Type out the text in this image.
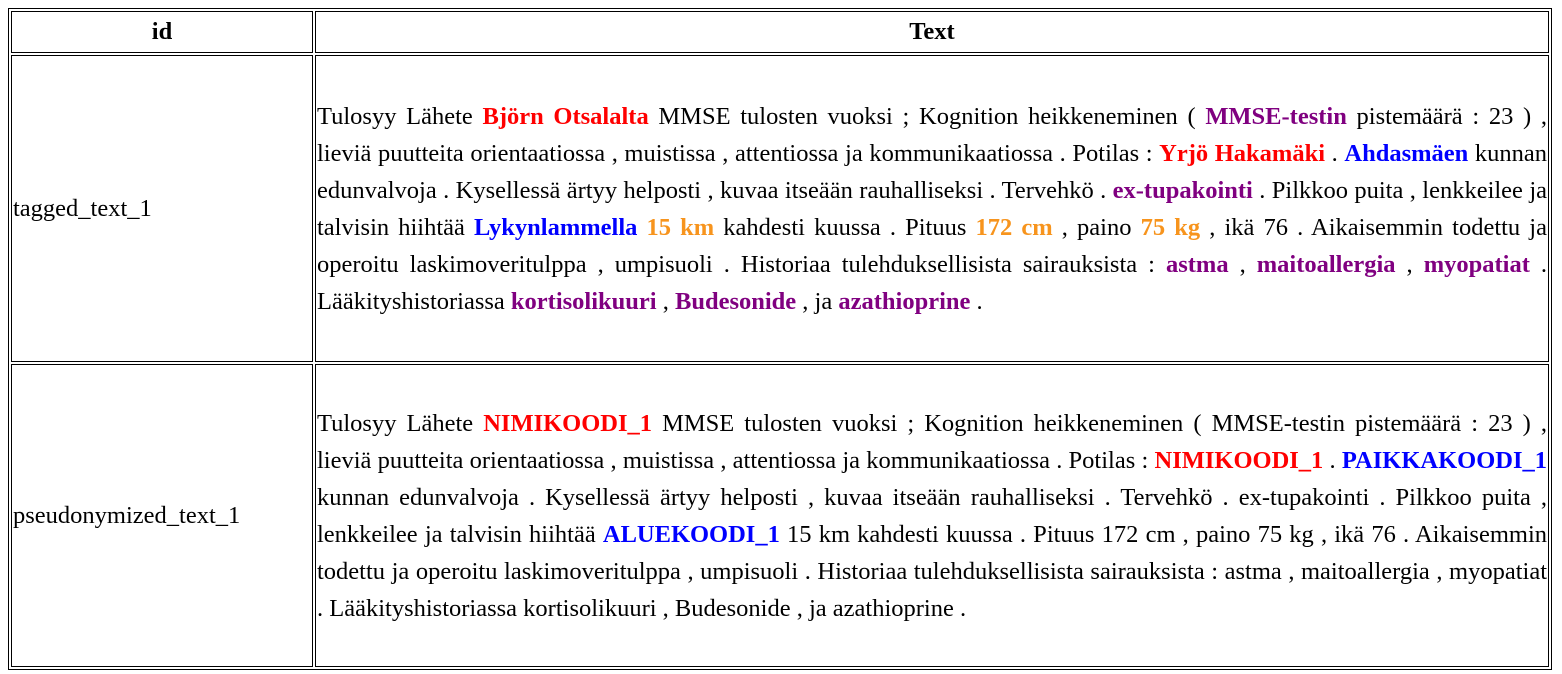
id	Text
tagged_text_1	Tulosyy Lähete Björn Otsalalta MMSE tulosten vuoksi ; Kognition heikkeneminen ( MMSE-testin pistemäärä : 23 ) , lieviä puutteita orientaatiossa , muistissa , attentiossa ja kommunikaatiossa . Potilas : Yrjö Hakamäki . Ahdasmäen kunnan edunvalvoja . Kysellessä ärtyy helposti , kuvaa itseään rauhalliseksi . Tervehkö . ex-tupakointi . Pilkkoo puita , lenkkeilee ja talvisin hiihtää Lykynlammella 15 km kahdesti kuussa . Pituus 172 cm , paino 75 kg , ikä 76 . Aikaisemmin todettu ja operoitu laskimoveritulppa , umpisuoli . Historiaa tulehduksellisista sairauksista : astma , maitoallergia , myopatiat . Lääkityshistoriassa kortisolikuuri , Budesonide , ja azathioprine .
pseudonymized_text_1	Tulosyy Lähete NIMIKOODI_1 MMSE tulosten vuoksi ; Kognition heikkeneminen ( MMSE-testin pistemäärä : 23 ) , lieviä puutteita orientaatiossa , muistissa , attentiossa ja kommunikaatiossa . Potilas : NIMIKOODI_1 . PAIKKAKOODI_1 kunnan edunvalvoja . Kysellessä ärtyy helposti , kuvaa itseään rauhalliseksi . Tervehkö . ex-tupakointi . Pilkkoo puita , lenkkeilee ja talvisin hiihtää ALUEKOODI_1 15 km kahdesti kuussa . Pituus 172 cm , paino 75 kg , ikä 76 . Aikaisemmin todettu ja operoitu laskimoveritulppa , umpisuoli . Historiaa tulehduksellisista sairauksista : astma , maitoallergia , myopatiat . Lääkityshistoriassa kortisolikuuri , Budesonide , ja azathioprine .
